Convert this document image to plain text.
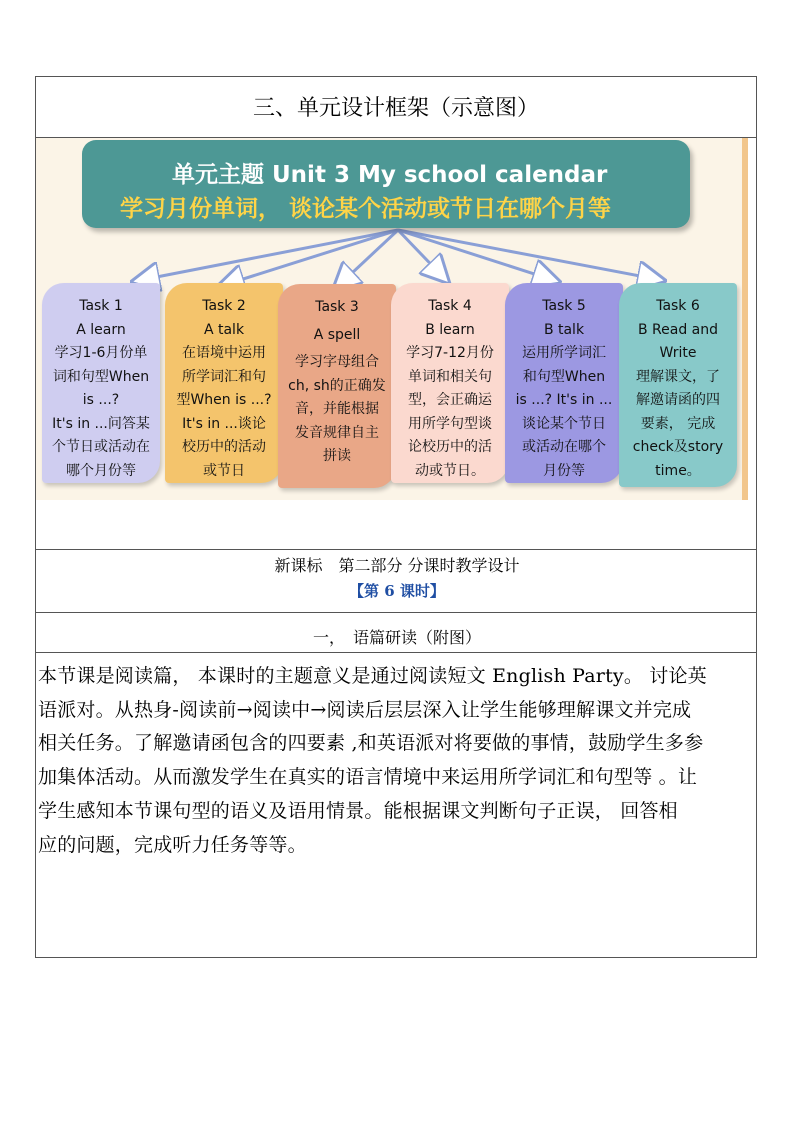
三、单元设计框架（示意图）
单元主题 Unit 3 My school calendar
学习月份单词， 谈论某个活动或节日在哪个月等
Task 1
A learn
学习1-6月份单
词和句型When
is ...?
It's in ...问答某
个节日或活动在
哪个月份等
Task 2
A talk
在语境中运用
所学词汇和句
型When is ...?
It's in ...谈论
校历中的活动
或节日
Task 3
A spell
学习字母组合
ch, sh的正确发
音，并能根据
发音规律自主
拼读
Task 4
B learn
学习7-12月份
单词和相关句
型，会正确运
用所学句型谈
论校历中的活
动或节日。
Task 5
B talk
运用所学词汇
和句型When
is ...? It's in ...
谈论某个节日
或活动在哪个
月份等
Task 6
B Read and
Write
理解课文，了
解邀请函的四
要素， 完成
check及story
time。
新课标　第二部分 分课时教学设计
【第 6 课时】
一，　语篇研读（附图）
本节课是阅读篇， 本课时的主题意义是通过阅读短文 English Party。 讨论英
语派对。从热身-阅读前→阅读中→阅读后层层深入让学生能够理解课文并完成
相关任务。了解邀请函包含的四要素 ,和英语派对将要做的事情，鼓励学生多参
加集体活动。从而激发学生在真实的语言情境中来运用所学词汇和句型等 。让
学生感知本节课句型的语义及语用情景。能根据课文判断句子正误， 回答相
应的问题，完成听力任务等等。
